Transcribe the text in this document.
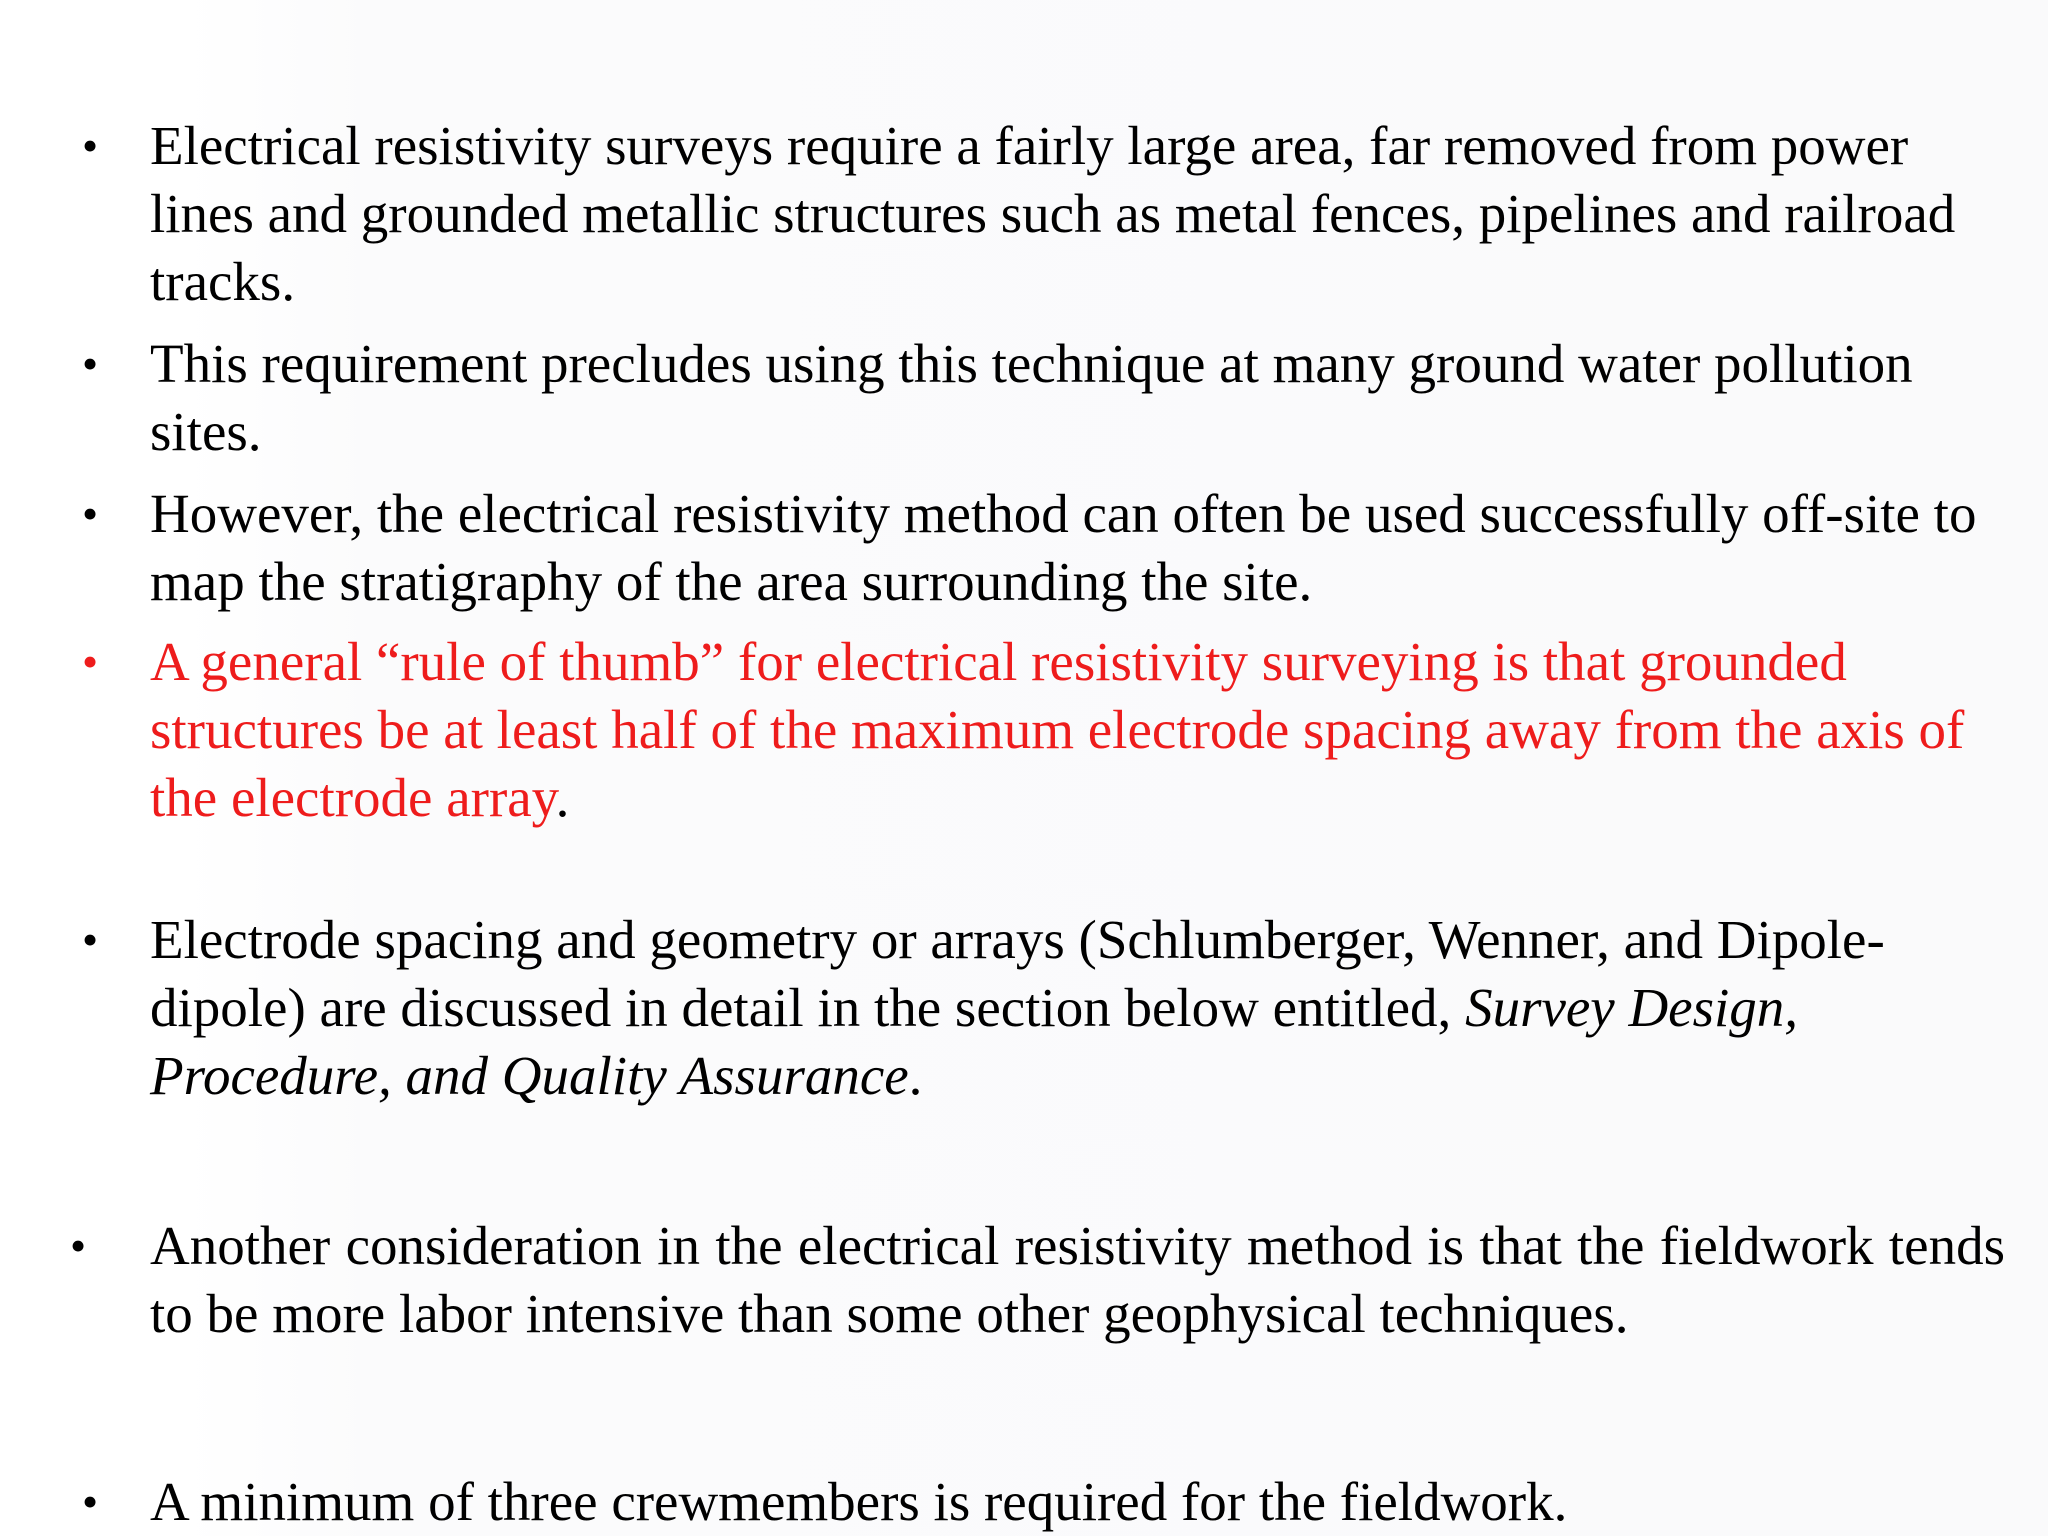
• Electrical resistivity surveys require a fairly large area, far removed from power lines and grounded metallic structures such as metal fences, pipelines and railroad tracks.
• This requirement precludes using this technique at many ground water pollution sites.
• However, the electrical resistivity method can often be used successfully off-site to map the stratigraphy of the area surrounding the site.
• A general “rule of thumb” for electrical resistivity surveying is that grounded structures be at least half of the maximum electrode spacing away from the axis of the electrode array.
• Electrode spacing and geometry or arrays (Schlumberger, Wenner, and Dipole-dipole) are discussed in detail in the section below entitled, Survey Design, Procedure, and Quality Assurance.
•	Another consideration in the electrical resistivity method is that the fieldwork tends to be more labor intensive than some other geophysical techniques.
• A minimum of three crewmembers is required for the fieldwork.
